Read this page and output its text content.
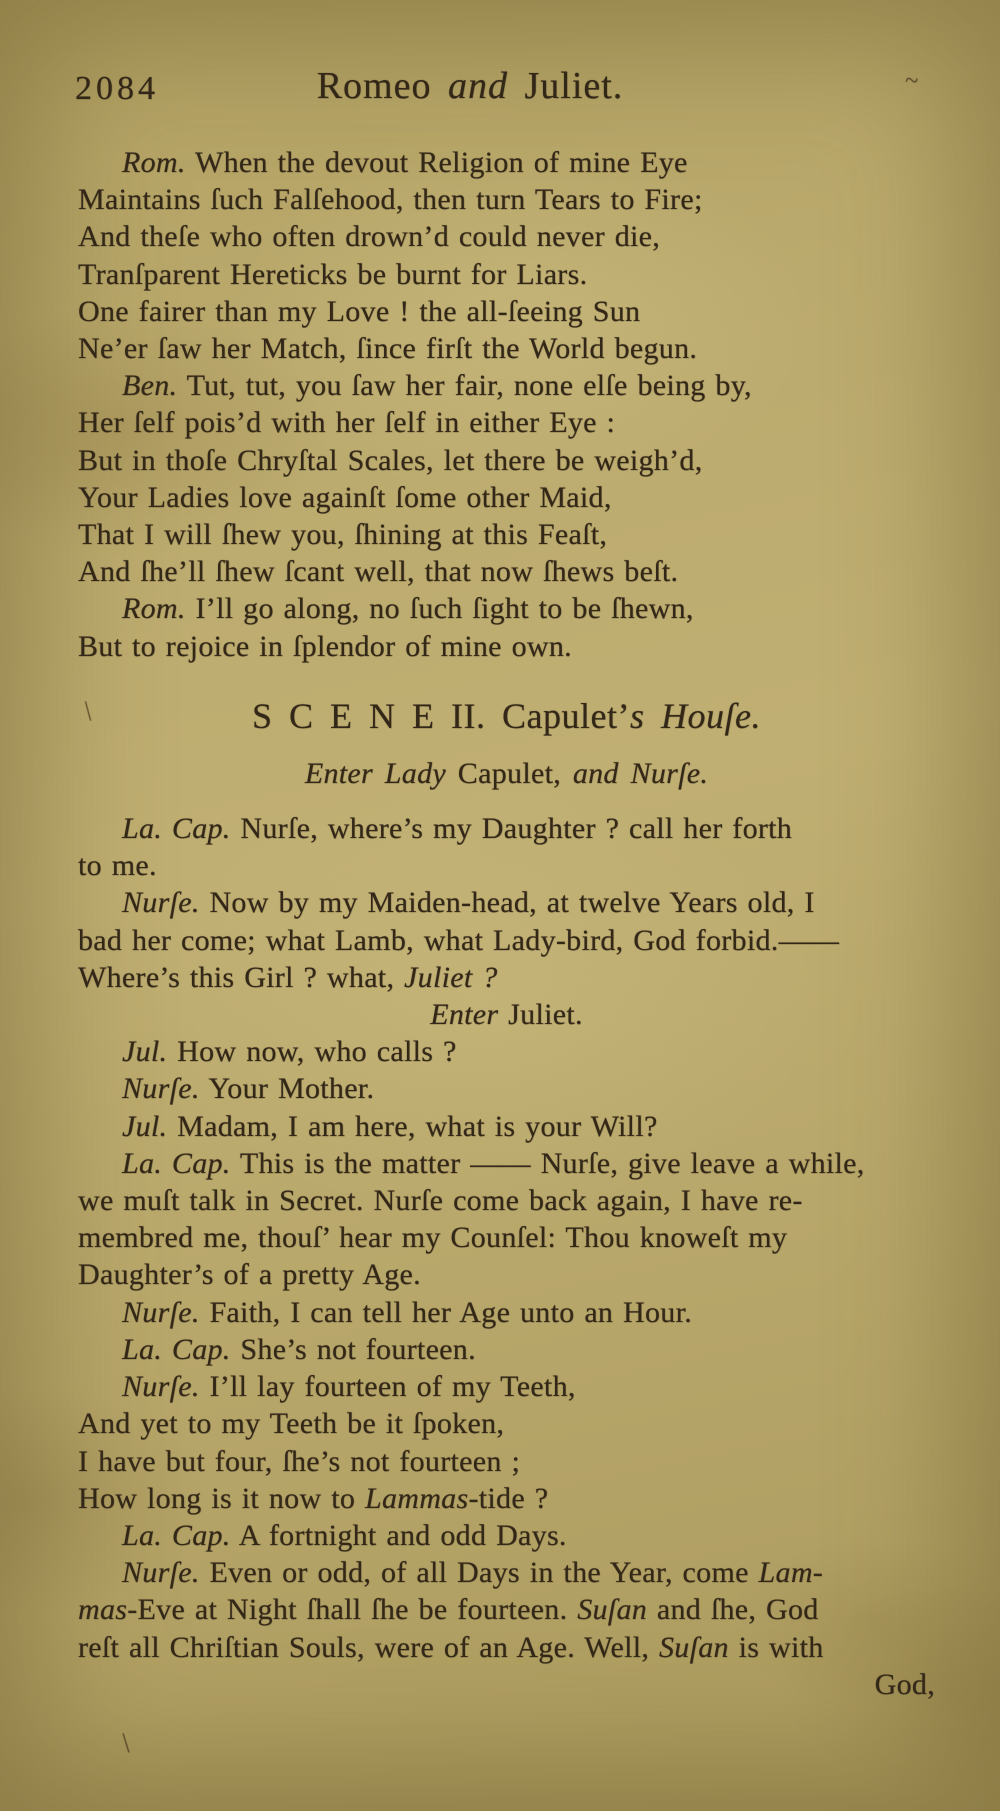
2084	Romeo and Juliet.
Rom. When the devout Religion of mine Eye
Maintains ſuch Falſehood, then turn Tears to Fire;
And theſe who often drown’d could never die,
Tranſparent Hereticks be burnt for Liars.
One fairer than my Love ! the all-ſeeing Sun
Ne’er ſaw her Match, ſince firſt the World begun.
Ben. Tut, tut, you ſaw her fair, none elſe being by,
Her ſelf pois’d with her ſelf in either Eye :
But in thoſe Chryſtal Scales, let there be weigh’d,
Your Ladies love againſt ſome other Maid,
That I will ſhew you, ſhining at this Feaſt,
And ſhe’ll ſhew ſcant well, that now ſhews beſt.
Rom. I’ll go along, no ſuch ſight to be ſhewn,
But to rejoice in ſplendor of mine own.
S C E N E II. Capulet’s Houſe.
Enter Lady Capulet, and Nurſe.
La. Cap. Nurſe, where’s my Daughter ? call her forth
to me.
Nurſe. Now by my Maiden-head, at twelve Years old, I
bad her come; what Lamb, what Lady-bird, God forbid.——
Where’s this Girl ? what, Juliet ?
Enter Juliet.
Jul. How now, who calls ?
Nurſe. Your Mother.
Jul. Madam, I am here, what is your Will?
La. Cap. This is the matter —— Nurſe, give leave a while,
we muſt talk in Secret. Nurſe come back again, I have re-
membred me, thouſ’ hear my Counſel: Thou knoweſt my
Daughter’s of a pretty Age.
Nurſe. Faith, I can tell her Age unto an Hour.
La. Cap. She’s not fourteen.
Nurſe. I’ll lay fourteen of my Teeth,
And yet to my Teeth be it ſpoken,
I have but four, ſhe’s not fourteen ;
How long is it now to Lammas-tide ?
La. Cap. A fortnight and odd Days.
Nurſe. Even or odd, of all Days in the Year, come Lam-
mas-Eve at Night ſhall ſhe be fourteen. Suſan and ſhe, God
reſt all Chriſtian Souls, were of an Age. Well, Suſan is with
God,
~
\
\
